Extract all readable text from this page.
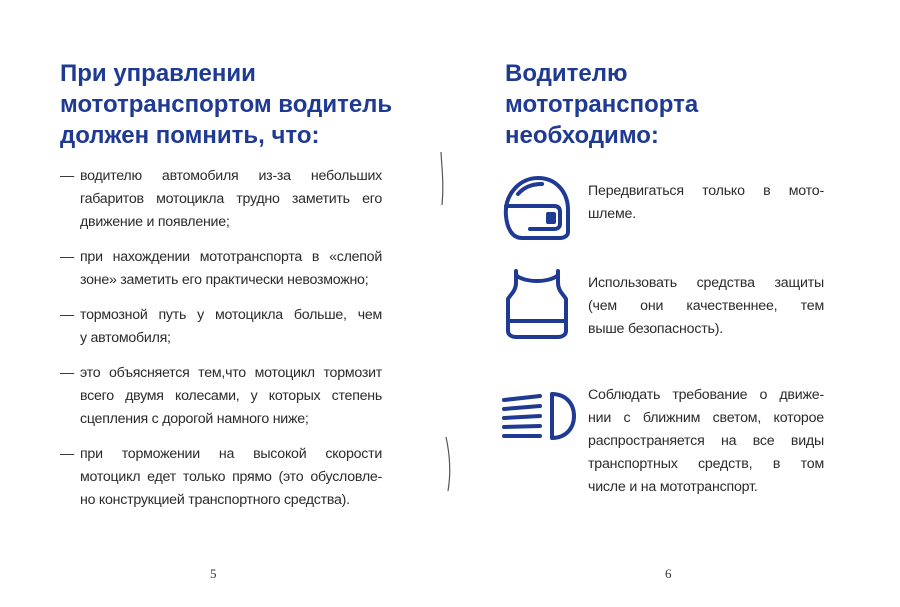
При управлении
мототранспортом водитель
должен помнить, что:
— водителю автомобиля из-за небольших
габаритов мотоцикла трудно заметить его
движение и появление;
— при нахождении мототранспорта в «слепой
зоне» заметить его практически невозможно;
— тормозной путь у мотоцикла больше, чем
у автомобиля;
— это объясняется тем,что мотоцикл тормозит
всего двумя колесами, у которых степень
сцепления с дорогой намного ниже;
— при торможении на высокой скорости
мотоцикл едет только прямо (это обусловле-
но конструкцией транспортного средства).
5
Водителю
мототранспорта
необходимо:
Передвигаться только в мото-
шлеме.
Использовать средства защиты
(чем они качественнее, тем
выше безопасность).
Соблюдать требование о движе-
нии с ближним светом, которое
распространяется на все виды
транспортных средств, в том
числе и на мототранспорт.
6
